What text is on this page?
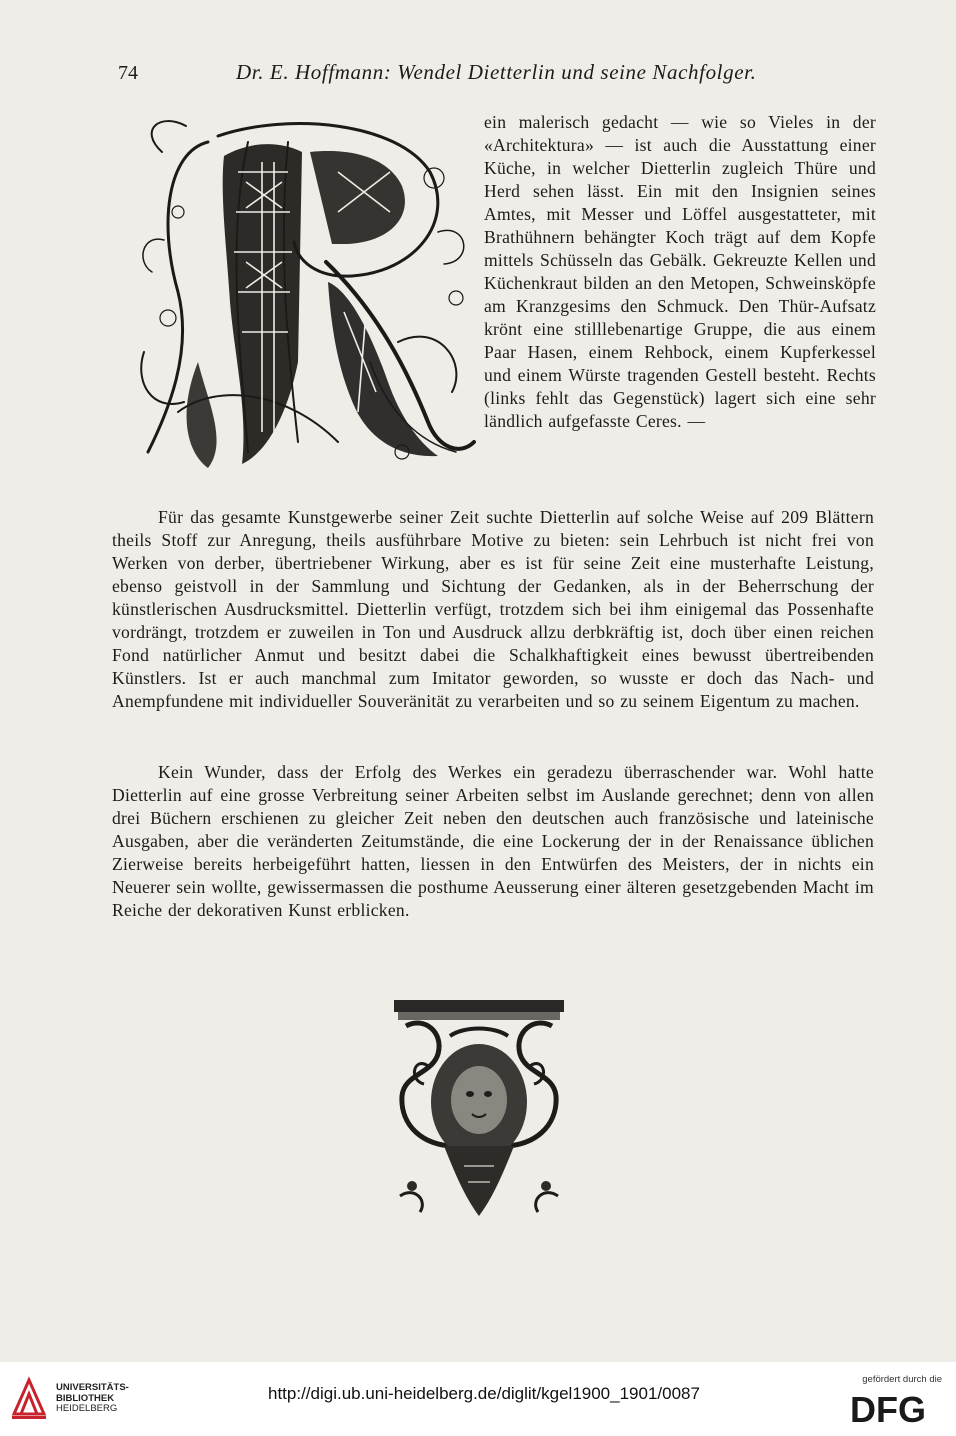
74	Dr. E. Hoffmann: Wendel Dietterlin und seine Nachfolger.

ein malerisch gedacht — wie so Vieles in der «Architektura» — ist auch die Ausstattung einer Küche, in welcher Dietterlin zugleich Thüre und Herd sehen lässt. Ein mit den Insignien seines Amtes, mit Messer und Löffel ausgestatteter, mit Brathühnern behängter Koch trägt auf dem Kopfe mittels Schüsseln das Gebälk. Gekreuzte Kellen und Küchenkraut bilden an den Metopen, Schweinsköpfe am Kranzgesims den Schmuck. Den Thür-Aufsatz krönt eine stilllebenartige Gruppe, die aus einem Paar Hasen, einem Rehbock, einem Kupferkessel und einem Würste tragenden Gestell besteht. Rechts (links fehlt das Gegenstück) lagert sich eine sehr ländlich aufgefasste Ceres. —

Für das gesamte Kunstgewerbe seiner Zeit suchte Dietterlin auf solche Weise auf 209 Blättern theils Stoff zur Anregung, theils ausführbare Motive zu bieten: sein Lehrbuch ist nicht frei von Werken von derber, übertriebener Wirkung, aber es ist für seine Zeit eine musterhafte Leistung, ebenso geistvoll in der Sammlung und Sichtung der Gedanken, als in der Beherrschung der künstlerischen Ausdrucksmittel. Dietterlin verfügt, trotzdem sich bei ihm einigemal das Possenhafte vordrängt, trotzdem er zuweilen in Ton und Ausdruck allzu derbkräftig ist, doch über einen reichen Fond natürlicher Anmut und besitzt dabei die Schalkhaftigkeit eines bewusst übertreibenden Künstlers. Ist er auch manchmal zum Imitator geworden, so wusste er doch das Nach- und Anempfundene mit individueller Souveränität zu verarbeiten und so zu seinem Eigentum zu machen.

Kein Wunder, dass der Erfolg des Werkes ein geradezu überraschender war. Wohl hatte Dietterlin auf eine grosse Verbreitung seiner Arbeiten selbst im Auslande gerechnet; denn von allen drei Büchern erschienen zu gleicher Zeit neben den deutschen auch französische und lateinische Ausgaben, aber die veränderten Zeitumstände, die eine Lockerung der in der Renaissance üblichen Zierweise bereits herbeigeführt hatten, liessen in den Entwürfen des Meisters, der in nichts ein Neuerer sein wollte, gewissermassen die posthume Aeusserung einer älteren gesetzgebenden Macht im Reiche der dekorativen Kunst erblicken.

UNIVERSITÄTS-
BIBLIOTHEK
HEIDELBERG
http://digi.ub.uni-heidelberg.de/diglit/kgel1900_1901/0087
gefördert durch die
DFG
